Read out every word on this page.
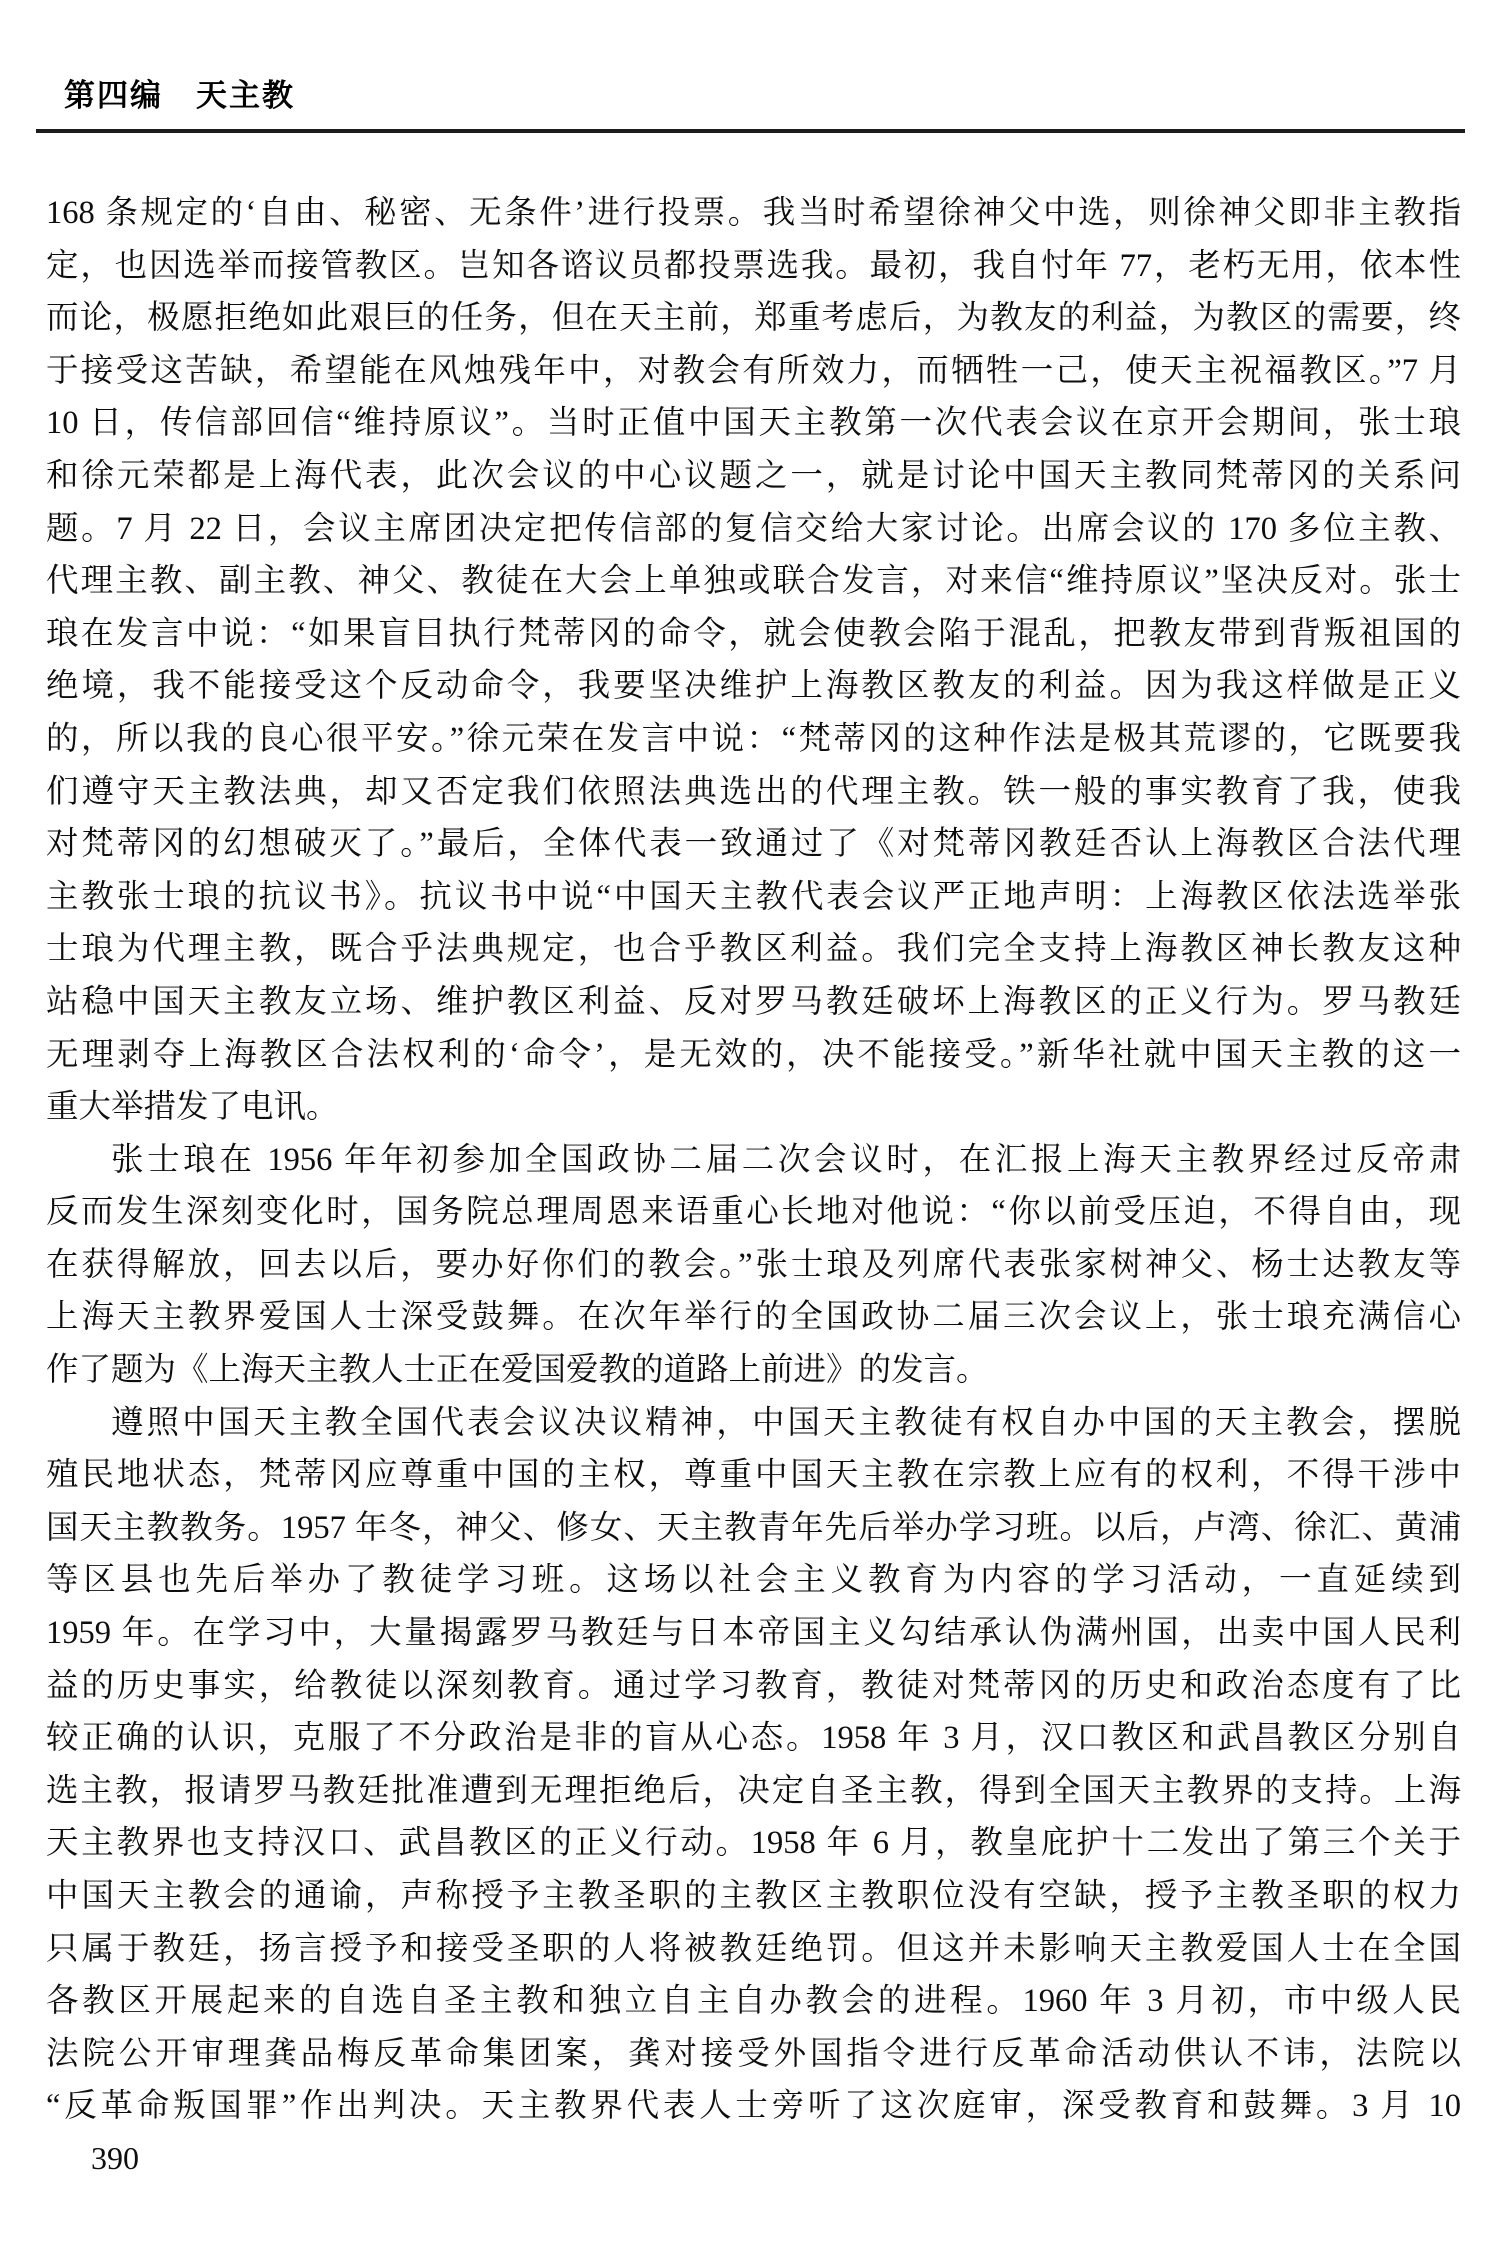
第四编　天主教
168 条规定的‘自由、秘密、无条件’进行投票。我当时希望徐神父中选，则徐神父即非主教指
定，也因选举而接管教区。岂知各谘议员都投票选我。最初，我自忖年 77，老朽无用，依本性
而论，极愿拒绝如此艰巨的任务，但在天主前，郑重考虑后，为教友的利益，为教区的需要，终
于接受这苦缺，希望能在风烛残年中，对教会有所效力，而牺牲一己，使天主祝福教区。”7 月
10 日，传信部回信“维持原议”。当时正值中国天主教第一次代表会议在京开会期间，张士琅
和徐元荣都是上海代表，此次会议的中心议题之一，就是讨论中国天主教同梵蒂冈的关系问
题。7 月 22 日，会议主席团决定把传信部的复信交给大家讨论。出席会议的 170 多位主教、
代理主教、副主教、神父、教徒在大会上单独或联合发言，对来信“维持原议”坚决反对。张士
琅在发言中说：“如果盲目执行梵蒂冈的命令，就会使教会陷于混乱，把教友带到背叛祖国的
绝境，我不能接受这个反动命令，我要坚决维护上海教区教友的利益。因为我这样做是正义
的，所以我的良心很平安。”徐元荣在发言中说：“梵蒂冈的这种作法是极其荒谬的，它既要我
们遵守天主教法典，却又否定我们依照法典选出的代理主教。铁一般的事实教育了我，使我
对梵蒂冈的幻想破灭了。”最后，全体代表一致通过了《对梵蒂冈教廷否认上海教区合法代理
主教张士琅的抗议书》。抗议书中说“中国天主教代表会议严正地声明：上海教区依法选举张
士琅为代理主教，既合乎法典规定，也合乎教区利益。我们完全支持上海教区神长教友这种
站稳中国天主教友立场、维护教区利益、反对罗马教廷破坏上海教区的正义行为。罗马教廷
无理剥夺上海教区合法权利的‘命令’，是无效的，决不能接受。”新华社就中国天主教的这一
重大举措发了电讯。
张士琅在 1956 年年初参加全国政协二届二次会议时，在汇报上海天主教界经过反帝肃
反而发生深刻变化时，国务院总理周恩来语重心长地对他说：“你以前受压迫，不得自由，现
在获得解放，回去以后，要办好你们的教会。”张士琅及列席代表张家树神父、杨士达教友等
上海天主教界爱国人士深受鼓舞。在次年举行的全国政协二届三次会议上，张士琅充满信心
作了题为《上海天主教人士正在爱国爱教的道路上前进》的发言。
遵照中国天主教全国代表会议决议精神，中国天主教徒有权自办中国的天主教会，摆脱
殖民地状态，梵蒂冈应尊重中国的主权，尊重中国天主教在宗教上应有的权利，不得干涉中
国天主教教务。1957 年冬，神父、修女、天主教青年先后举办学习班。以后，卢湾、徐汇、黄浦
等区县也先后举办了教徒学习班。这场以社会主义教育为内容的学习活动，一直延续到
1959 年。在学习中，大量揭露罗马教廷与日本帝国主义勾结承认伪满州国，出卖中国人民利
益的历史事实，给教徒以深刻教育。通过学习教育，教徒对梵蒂冈的历史和政治态度有了比
较正确的认识，克服了不分政治是非的盲从心态。1958 年 3 月，汉口教区和武昌教区分别自
选主教，报请罗马教廷批准遭到无理拒绝后，决定自圣主教，得到全国天主教界的支持。上海
天主教界也支持汉口、武昌教区的正义行动。1958 年 6 月，教皇庇护十二发出了第三个关于
中国天主教会的通谕，声称授予主教圣职的主教区主教职位没有空缺，授予主教圣职的权力
只属于教廷，扬言授予和接受圣职的人将被教廷绝罚。但这并未影响天主教爱国人士在全国
各教区开展起来的自选自圣主教和独立自主自办教会的进程。1960 年 3 月初，市中级人民
法院公开审理龚品梅反革命集团案，龚对接受外国指令进行反革命活动供认不讳，法院以
“反革命叛国罪”作出判决。天主教界代表人士旁听了这次庭审，深受教育和鼓舞。3 月 10
390
